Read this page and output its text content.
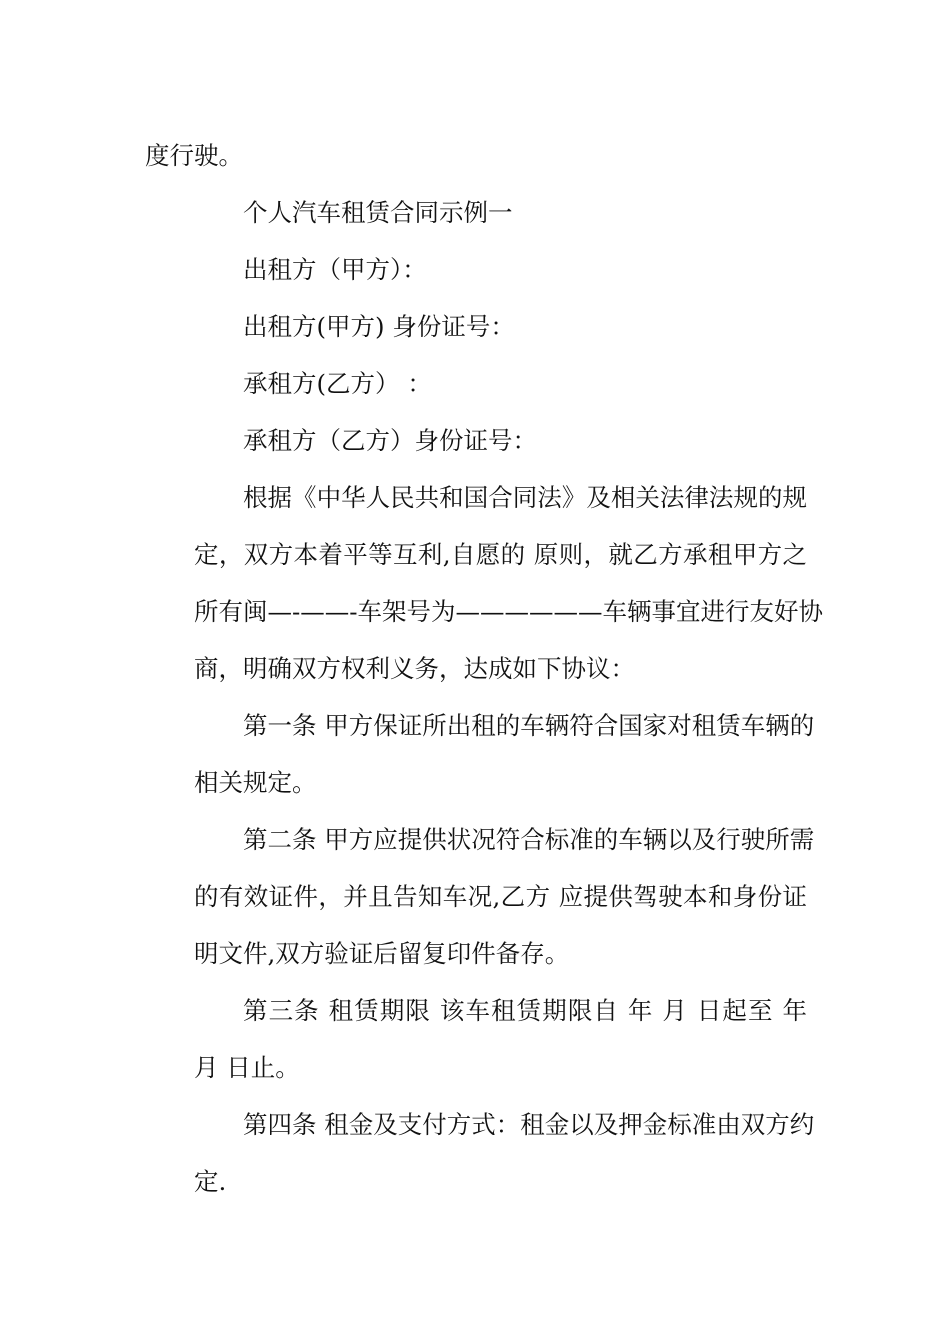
度行驶。
个人汽车租赁合同示例一
出租方（甲方）：
出租方(甲方) 身份证号：
承租方(乙方） ：
承租方（乙方）身份证号：
根据《中华人民共和国合同法》及相关法律法规的规
定，双方本着平等互利,自愿的 原则，就乙方承租甲方之
所有闽—-——-车架号为——————车辆事宜进行友好协
商，明确双方权利义务，达成如下协议：
第一条 甲方保证所出租的车辆符合国家对租赁车辆的
相关规定。
第二条 甲方应提供状况符合标准的车辆以及行驶所需
的有效证件，并且告知车况,乙方 应提供驾驶本和身份证
明文件,双方验证后留复印件备存。
第三条 租赁期限 该车租赁期限自 年 月 日起至 年
月 日止。
第四条 租金及支付方式：租金以及押金标准由双方约
定.
